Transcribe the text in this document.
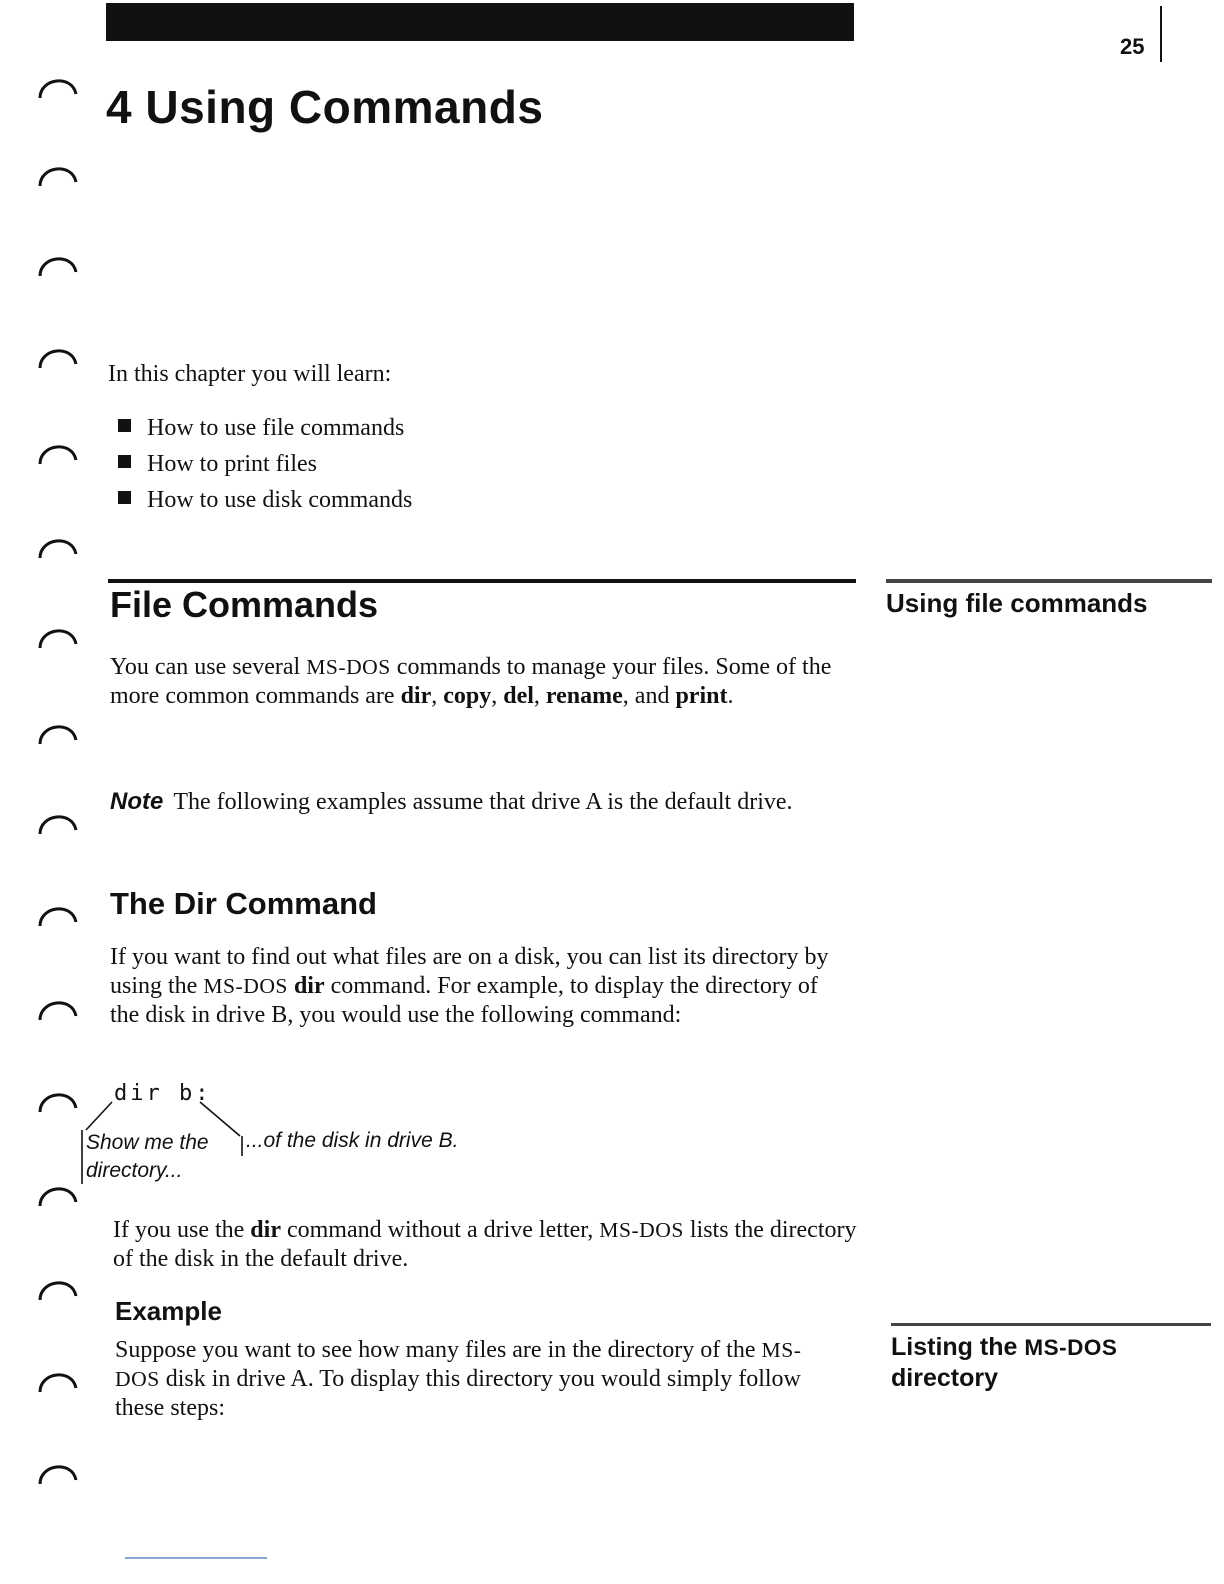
25
4 Using Commands
In this chapter you will learn:
How to use file commands
How to print files
How to use disk commands
File Commands	Using file commands

You can use several MS-DOS commands to manage your files. Some of the more common commands are dir, copy, del, rename, and print.

Note The following examples assume that drive A is the default drive.

The Dir Command

If you want to find out what files are on a disk, you can list its directory by using the MS-DOS dir command. For example, to display the directory of the disk in drive B, you would use the following command:

dir b:
Show me the directory...
...of the disk in drive B.

If you use the dir command without a drive letter, MS-DOS lists the directory of the disk in the default drive.

Example
Listing the MS-DOS directory

Suppose you want to see how many files are in the directory of the MS-DOS disk in drive A. To display this directory you would simply follow these steps:
